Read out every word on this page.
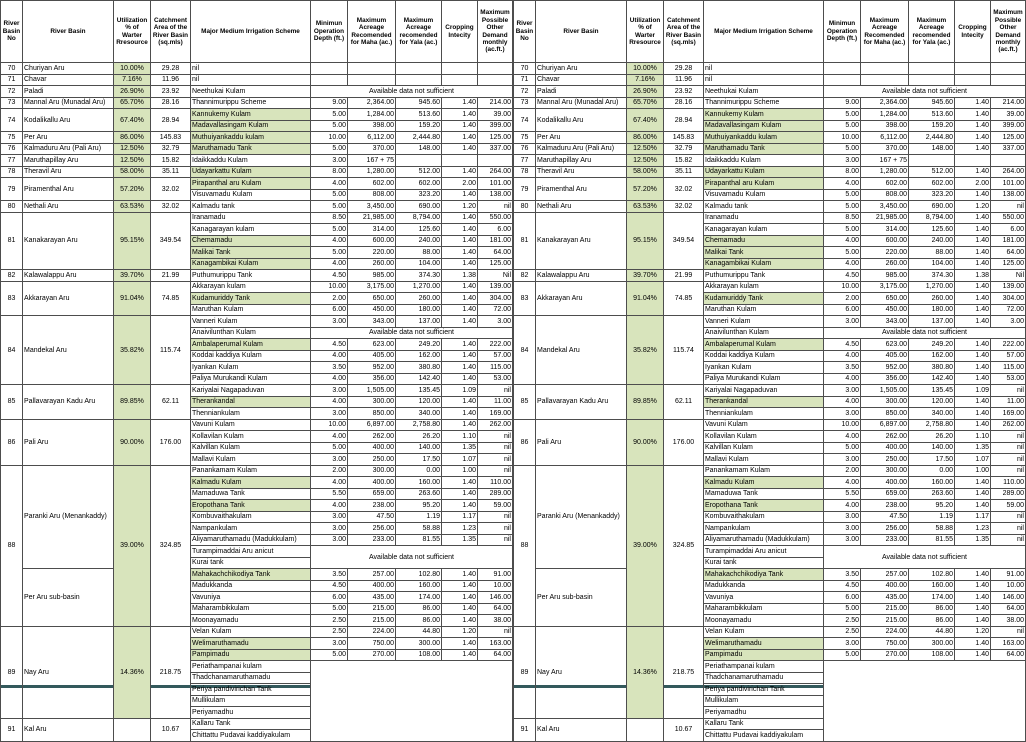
River Basin No	River Basin	Utilization % of Warter Rresource	Catchment Area of the River Basin (sq.mls)	Major Medium Irrigation Scheme	Minimun Operation Depth (ft.)	Maximum Acreage Recomended for Maha (ac.)	Maximum Acreage recomended for Yala (ac.)	Cropping Intecity	Maximum Possible Other Demand monthly (ac.ft.)
70	Churiyan Aru	10.00%	29.28	nil					
71	Chavar	7.16%	11.96	nil					
72	Paladi	26.90%	23.92	Neethukai Kulam	Available data not sufficient				
73	Mannal Aru (Munadal Aru)	65.70%	28.16	Thannimurippu Scheme	9.00	2,364.00	945.60	1.40	214.00
74	Kodalikallu Aru	67.40%	28.94	Kannukemy Kulam	5.00	1,284.00	513.60	1.40	39.00
				Madavallasingam Kulam	5.00	398.00	159.20	1.40	399.00
75	Per Aru	86.00%	145.83	Muthuiyankaddu kulam	10.00	6,112.00	2,444.80	1.40	125.00
76	Kalmaduru Aru (Pali Aru)	12.50%	32.79	Maruthamadu Tank	5.00	370.00	148.00	1.40	337.00
77	Maruthapillay Aru	12.50%	15.82	Idaikkaddu Kulam	3.00	167 + 75			
78	Theravil Aru	58.00%	35.11	Udayarkattu Kulam	8.00	1,280.00	512.00	1.40	264.00
79	Piramenthal Aru	57.20%	32.02	Pirapanthal aru Kulam	4.00	602.00	602.00	2.00	101.00
				Visuvamadu Kulam	5.00	808.00	323.20	1.40	138.00
80	Nethali Aru	63.53%	32.02	Kalmadu tank	5.00	3,450.00	690.00	1.20	nil
81	Kanakarayan Aru	95.15%	349.54	Iranamadu	8.50	21,985.00	8,794.00	1.40	550.00
				Kanagarayan kulam	5.00	314.00	125.60	1.40	6.00
				Chemamadu	4.00	600.00	240.00	1.40	181.00
				Malikai Tank	5.00	220.00	88.00	1.40	64.00
				Kanagambikai Kulam	4.00	260.00	104.00	1.40	125.00
82	Kalawalappu Aru	39.70%	21.99	Puthumurippu Tank	4.50	985.00	374.30	1.38	Nil
83	Akkarayan Aru	91.04%	74.85	Akkarayan kulam	10.00	3,175.00	1,270.00	1.40	139.00
				Kudamuriddy Tank	2.00	650.00	260.00	1.40	304.00
				Maruthan Kulam	6.00	450.00	180.00	1.40	72.00
84	Mandekal Aru	35.82%	115.74	Vanneri Kulam	3.00	343.00	137.00	1.40	3.00
				Anaivilunthan Kulam	Available data not sufficient				
				Ambalaperumal Kulam	4.50	623.00	249.20	1.40	222.00
				Koddai kaddiya Kulam	4.00	405.00	162.00	1.40	57.00
				Iyankan Kulam	3.50	952.00	380.80	1.40	115.00
				Paliya Murukandi Kulam	4.00	356.00	142.40	1.40	53.00
85	Pallavarayan Kadu Aru	89.85%	62.11	Kariyalai Nagapaduvan	3.00	1,505.00	135.45	1.09	nil
				Therankandal	4.00	300.00	120.00	1.40	11.00
				Thenniankulam	3.00	850.00	340.00	1.40	169.00
86	Pali Aru	90.00%	176.00	Vavuni Kulam	10.00	6,897.00	2,758.80	1.40	262.00
				Kollavilan Kulam	4.00	262.00	26.20	1.10	nil
				Kalvillan Kulam	5.00	400.00	140.00	1.35	nil
				Mallavi Kulam	3.00	250.00	17.50	1.07	nil
88	Paranki Aru (Menankaddy)	39.00%	324.85	Panankamam Kulam	2.00	300.00	0.00	1.00	nil
				Kalmadu Kulam	4.00	400.00	160.00	1.40	110.00
				Mamaduwa Tank	5.50	659.00	263.60	1.40	289.00
				Eropothana Tank	4.00	238.00	95.20	1.40	59.00
				Kombuvaithakulam	3.00	47.50	1.19	1.17	nil
				Nampankulam	3.00	256.00	58.88	1.23	nil
				Aliyamaruthamadu (Madukkulam)	3.00	233.00	81.55	1.35	nil
				Turampimaddai Aru anicut	Available data not sufficient				
				Kurai tank					
	Per Aru sub-basin			Mahakachchikodiya Tank	3.50	257.00	102.80	1.40	91.00
				Madukkanda	4.50	400.00	160.00	1.40	10.00
				Vavuniya	6.00	435.00	174.00	1.40	146.00
				Maharambikkulam	5.00	215.00	86.00	1.40	64.00
				Moonayamadu	2.50	215.00	86.00	1.40	38.00
89	Nay Aru	14.36%	218.75	Velan Kulam	2.50	224.00	44.80	1.20	nil
				Welimaruthamadu	3.00	750.00	300.00	1.40	163.00
				Pampimadu	5.00	270.00	108.00	1.40	64.00
				Periathampanai kulam					
				Thadchanamaruthamadu					
				Periya pandivirichan Tank					
				Mullikulam					
				Periyamadhu					
91	Kal Aru		10.67	Kallaru Tank					
				Chittattu Pudavai kaddiyakulam					
River Basin No	River Basin	Utilization % of Warter Rresource	Catchment Area of the River Basin (sq.mls)	Major Medium Irrigation Scheme	Minimun Operation Depth (ft.)	Maximum Acreage Recomended for Maha (ac.)	Maximum Acreage recomended for Yala (ac.)	Cropping Intecity	Maximum Possible Other Demand monthly (ac.ft.)
70	Churiyan Aru	10.00%	29.28	nil					
71	Chavar	7.16%	11.96	nil					
72	Paladi	26.90%	23.92	Neethukai Kulam	Available data not sufficient				
73	Mannal Aru (Munadal Aru)	65.70%	28.16	Thannimurippu Scheme	9.00	2,364.00	945.60	1.40	214.00
74	Kodalikallu Aru	67.40%	28.94	Kannukemy Kulam	5.00	1,284.00	513.60	1.40	39.00
				Madavallasingam Kulam	5.00	398.00	159.20	1.40	399.00
75	Per Aru	86.00%	145.83	Muthuiyankaddu kulam	10.00	6,112.00	2,444.80	1.40	125.00
76	Kalmaduru Aru (Pali Aru)	12.50%	32.79	Maruthamadu Tank	5.00	370.00	148.00	1.40	337.00
77	Maruthapillay Aru	12.50%	15.82	Idaikkaddu Kulam	3.00	167 + 75			
78	Theravil Aru	58.00%	35.11	Udayarkattu Kulam	8.00	1,280.00	512.00	1.40	264.00
79	Piramenthal Aru	57.20%	32.02	Pirapanthal aru Kulam	4.00	602.00	602.00	2.00	101.00
				Visuvamadu Kulam	5.00	808.00	323.20	1.40	138.00
80	Nethali Aru	63.53%	32.02	Kalmadu tank	5.00	3,450.00	690.00	1.20	nil
81	Kanakarayan Aru	95.15%	349.54	Iranamadu	8.50	21,985.00	8,794.00	1.40	550.00
				Kanagarayan kulam	5.00	314.00	125.60	1.40	6.00
				Chemamadu	4.00	600.00	240.00	1.40	181.00
				Malikai Tank	5.00	220.00	88.00	1.40	64.00
				Kanagambikai Kulam	4.00	260.00	104.00	1.40	125.00
82	Kalawalappu Aru	39.70%	21.99	Puthumurippu Tank	4.50	985.00	374.30	1.38	Nil
83	Akkarayan Aru	91.04%	74.85	Akkarayan kulam	10.00	3,175.00	1,270.00	1.40	139.00
				Kudamuriddy Tank	2.00	650.00	260.00	1.40	304.00
				Maruthan Kulam	6.00	450.00	180.00	1.40	72.00
84	Mandekal Aru	35.82%	115.74	Vanneri Kulam	3.00	343.00	137.00	1.40	3.00
				Anaivilunthan Kulam	Available data not sufficient				
				Ambalaperumal Kulam	4.50	623.00	249.20	1.40	222.00
				Koddai kaddiya Kulam	4.00	405.00	162.00	1.40	57.00
				Iyankan Kulam	3.50	952.00	380.80	1.40	115.00
				Paliya Murukandi Kulam	4.00	356.00	142.40	1.40	53.00
85	Pallavarayan Kadu Aru	89.85%	62.11	Kariyalai Nagapaduvan	3.00	1,505.00	135.45	1.09	nil
				Therankandal	4.00	300.00	120.00	1.40	11.00
				Thenniankulam	3.00	850.00	340.00	1.40	169.00
86	Pali Aru	90.00%	176.00	Vavuni Kulam	10.00	6,897.00	2,758.80	1.40	262.00
				Kollavilan Kulam	4.00	262.00	26.20	1.10	nil
				Kalvillan Kulam	5.00	400.00	140.00	1.35	nil
				Mallavi Kulam	3.00	250.00	17.50	1.07	nil
88	Paranki Aru (Menankaddy)	39.00%	324.85	Panankamam Kulam	2.00	300.00	0.00	1.00	nil
				Kalmadu Kulam	4.00	400.00	160.00	1.40	110.00
				Mamaduwa Tank	5.50	659.00	263.60	1.40	289.00
				Eropothana Tank	4.00	238.00	95.20	1.40	59.00
				Kombuvaithakulam	3.00	47.50	1.19	1.17	nil
				Nampankulam	3.00	256.00	58.88	1.23	nil
				Aliyamaruthamadu (Madukkulam)	3.00	233.00	81.55	1.35	nil
				Turampimaddai Aru anicut	Available data not sufficient				
				Kurai tank					
	Per Aru sub-basin			Mahakachchikodiya Tank	3.50	257.00	102.80	1.40	91.00
				Madukkanda	4.50	400.00	160.00	1.40	10.00
				Vavuniya	6.00	435.00	174.00	1.40	146.00
				Maharambikkulam	5.00	215.00	86.00	1.40	64.00
				Moonayamadu	2.50	215.00	86.00	1.40	38.00
89	Nay Aru	14.36%	218.75	Velan Kulam	2.50	224.00	44.80	1.20	nil
				Welimaruthamadu	3.00	750.00	300.00	1.40	163.00
				Pampimadu	5.00	270.00	108.00	1.40	64.00
				Periathampanai kulam					
				Thadchanamaruthamadu					
				Periya pandivirichan Tank					
				Mullikulam					
				Periyamadhu					
91	Kal Aru		10.67	Kallaru Tank					
				Chittattu Pudavai kaddiyakulam					
